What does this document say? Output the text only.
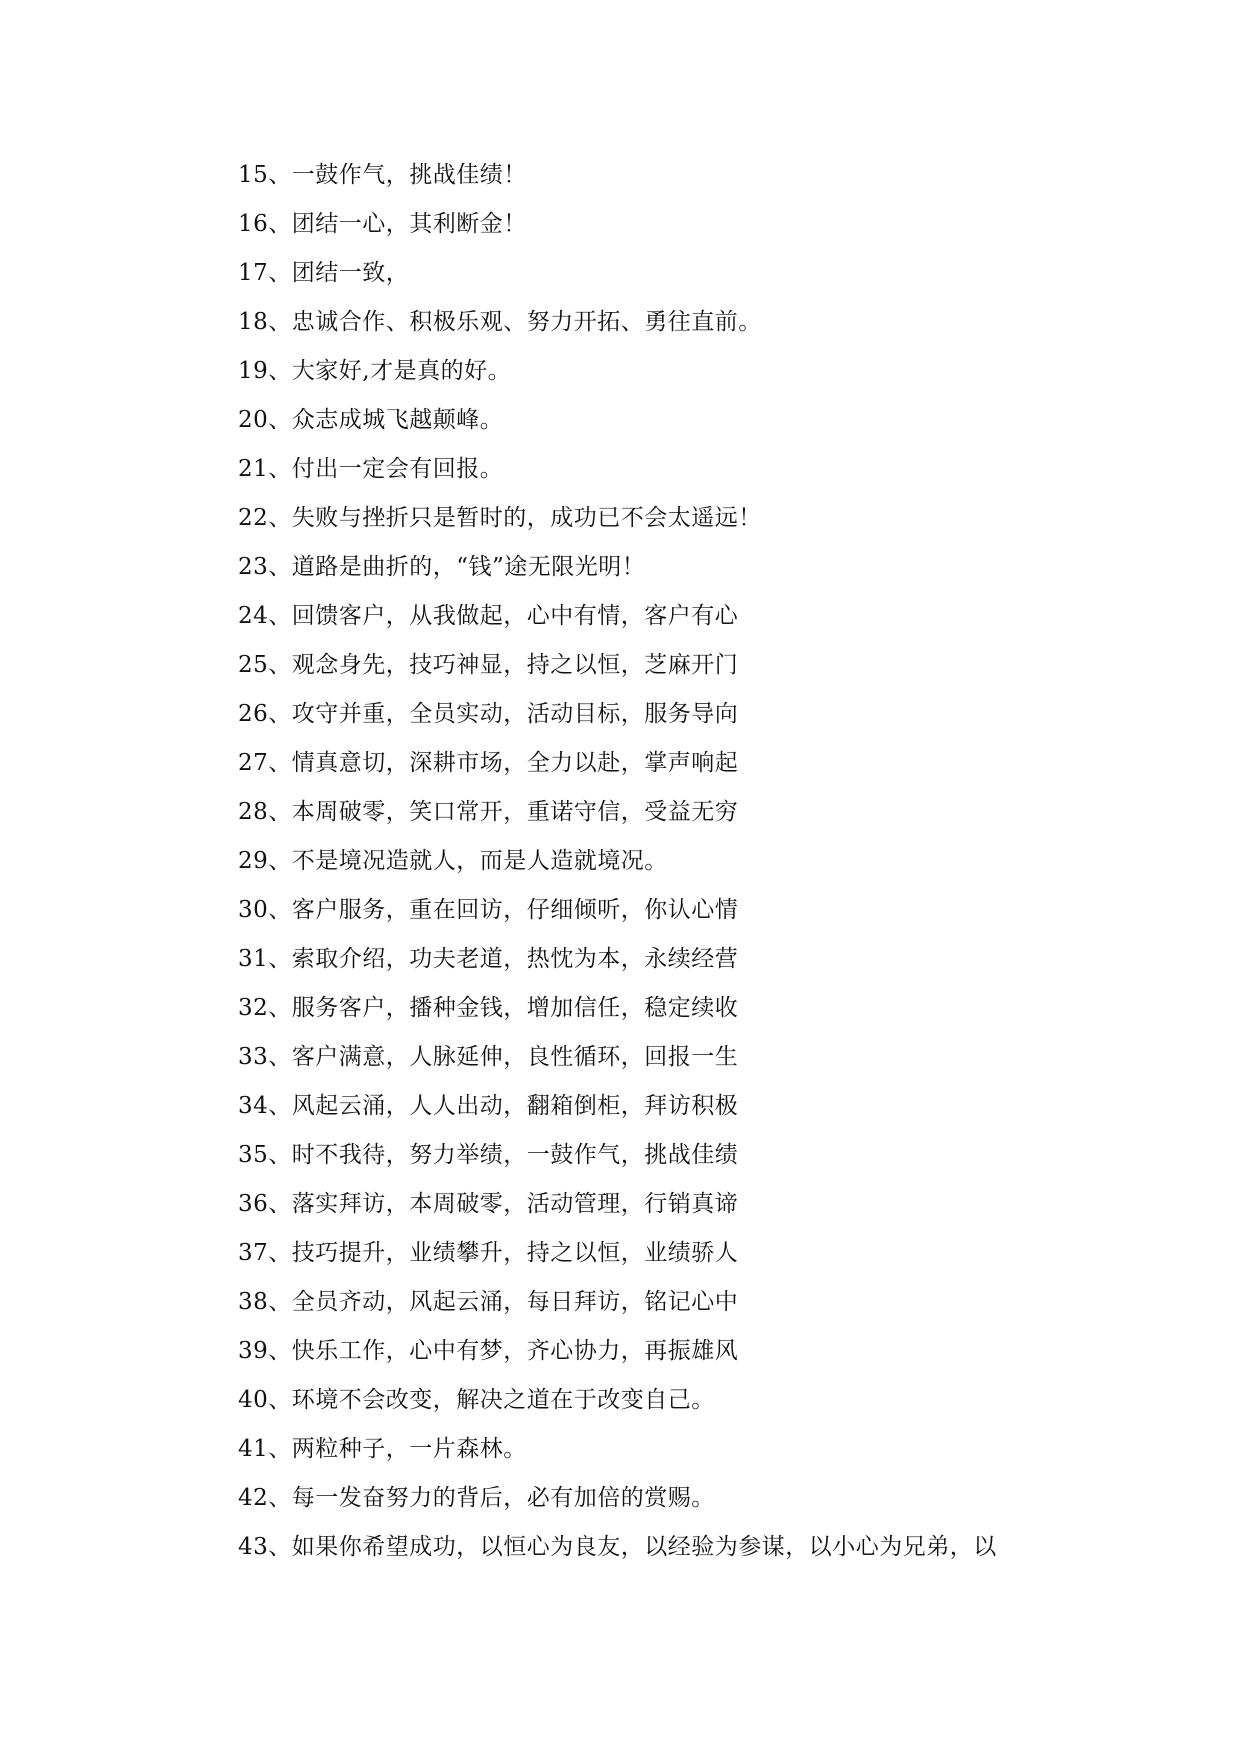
15、一鼓作气，挑战佳绩！
16、团结一心，其利断金！
17、团结一致，
18、忠诚合作、积极乐观、努力开拓、勇往直前。
19、大家好,才是真的好。
20、众志成城飞越颠峰。
21、付出一定会有回报。
22、失败与挫折只是暂时的，成功已不会太遥远！
23、道路是曲折的，“钱”途无限光明！
24、回馈客户，从我做起，心中有情，客户有心
25、观念身先，技巧神显，持之以恒，芝麻开门
26、攻守并重，全员实动，活动目标，服务导向
27、情真意切，深耕市场，全力以赴，掌声响起
28、本周破零，笑口常开，重诺守信，受益无穷
29、不是境况造就人，而是人造就境况。
30、客户服务，重在回访，仔细倾听，你认心情
31、索取介绍，功夫老道，热忱为本，永续经营
32、服务客户，播种金钱，增加信任，稳定续收
33、客户满意，人脉延伸，良性循环，回报一生
34、风起云涌，人人出动，翻箱倒柜，拜访积极
35、时不我待，努力举绩，一鼓作气，挑战佳绩
36、落实拜访，本周破零，活动管理，行销真谛
37、技巧提升，业绩攀升，持之以恒，业绩骄人
38、全员齐动，风起云涌，每日拜访，铭记心中
39、快乐工作，心中有梦，齐心协力，再振雄风
40、环境不会改变，解决之道在于改变自己。
41、两粒种子，一片森林。
42、每一发奋努力的背后，必有加倍的赏赐。
43、如果你希望成功，以恒心为良友，以经验为参谋，以小心为兄弟，以
